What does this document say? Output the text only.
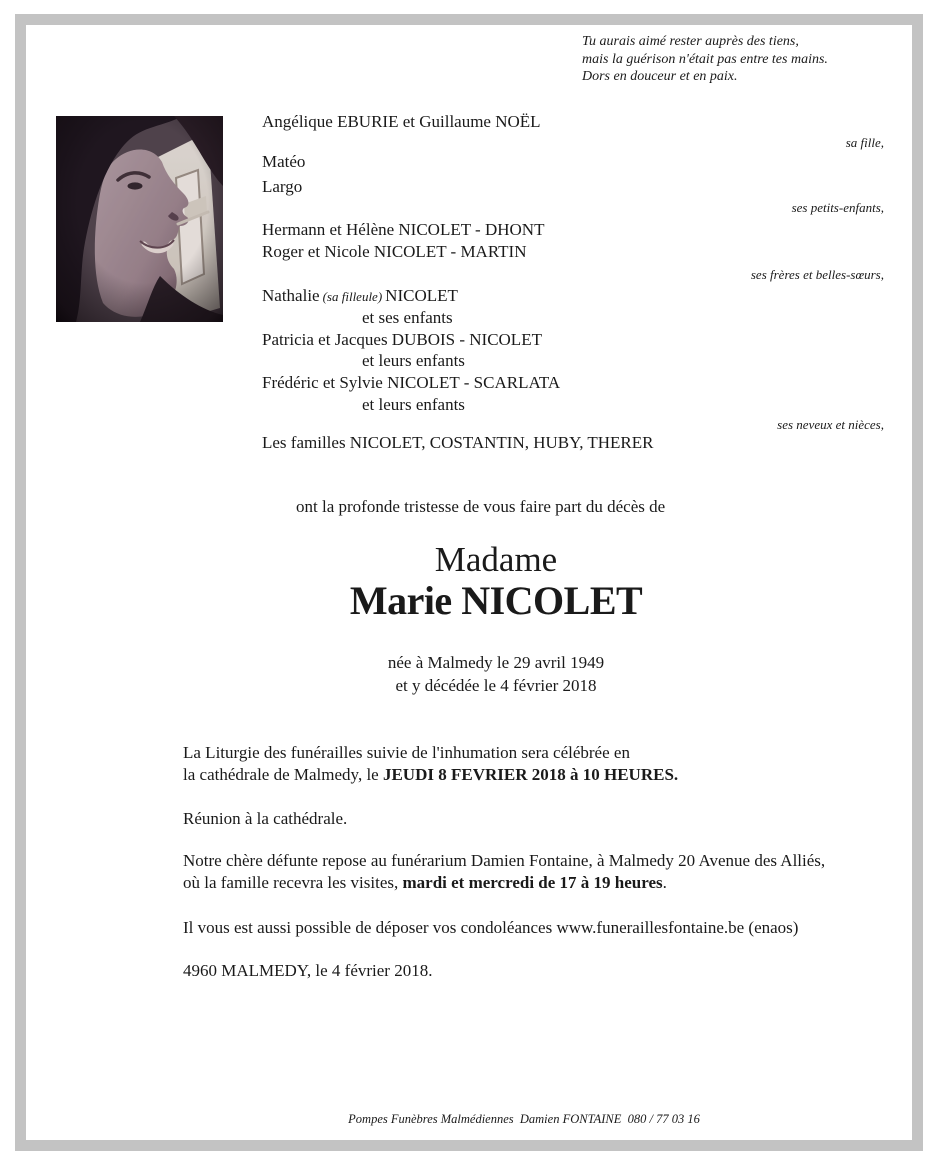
Tu aurais aimé rester auprès des tiens,
mais la guérison n'était pas entre tes mains.
Dors en douceur et en paix.
Angélique EBURIE et Guillaume NOËL
sa fille,
Matéo
Largo
ses petits-enfants,
Hermann et Hélène NICOLET - DHONT
Roger et Nicole NICOLET - MARTIN
ses frères et belles-sœurs,
Nathalie (sa filleule) NICOLET
et ses enfants
Patricia et Jacques DUBOIS - NICOLET
et leurs enfants
Frédéric et Sylvie NICOLET - SCARLATA
et leurs enfants
ses neveux et nièces,
Les familles NICOLET, COSTANTIN, HUBY, THERER
ont la profonde tristesse de vous faire part du décès de
Madame
Marie NICOLET
née à Malmedy le 29 avril 1949
et y décédée le 4 février 2018

La Liturgie des funérailles suivie de l'inhumation sera célébrée en
la cathédrale de Malmedy, le JEUDI 8 FEVRIER 2018 à 10 HEURES.

Réunion à la cathédrale.

Notre chère défunte repose au funérarium Damien Fontaine, à Malmedy 20 Avenue des Alliés,
où la famille recevra les visites, mardi et mercredi de 17 à 19 heures.

Il vous est aussi possible de déposer vos condoléances www.funeraillesfontaine.be (enaos)

4960 MALMEDY, le 4 février 2018.

Pompes Funèbres Malmédiennes  Damien FONTAINE  080 / 77 03 16
